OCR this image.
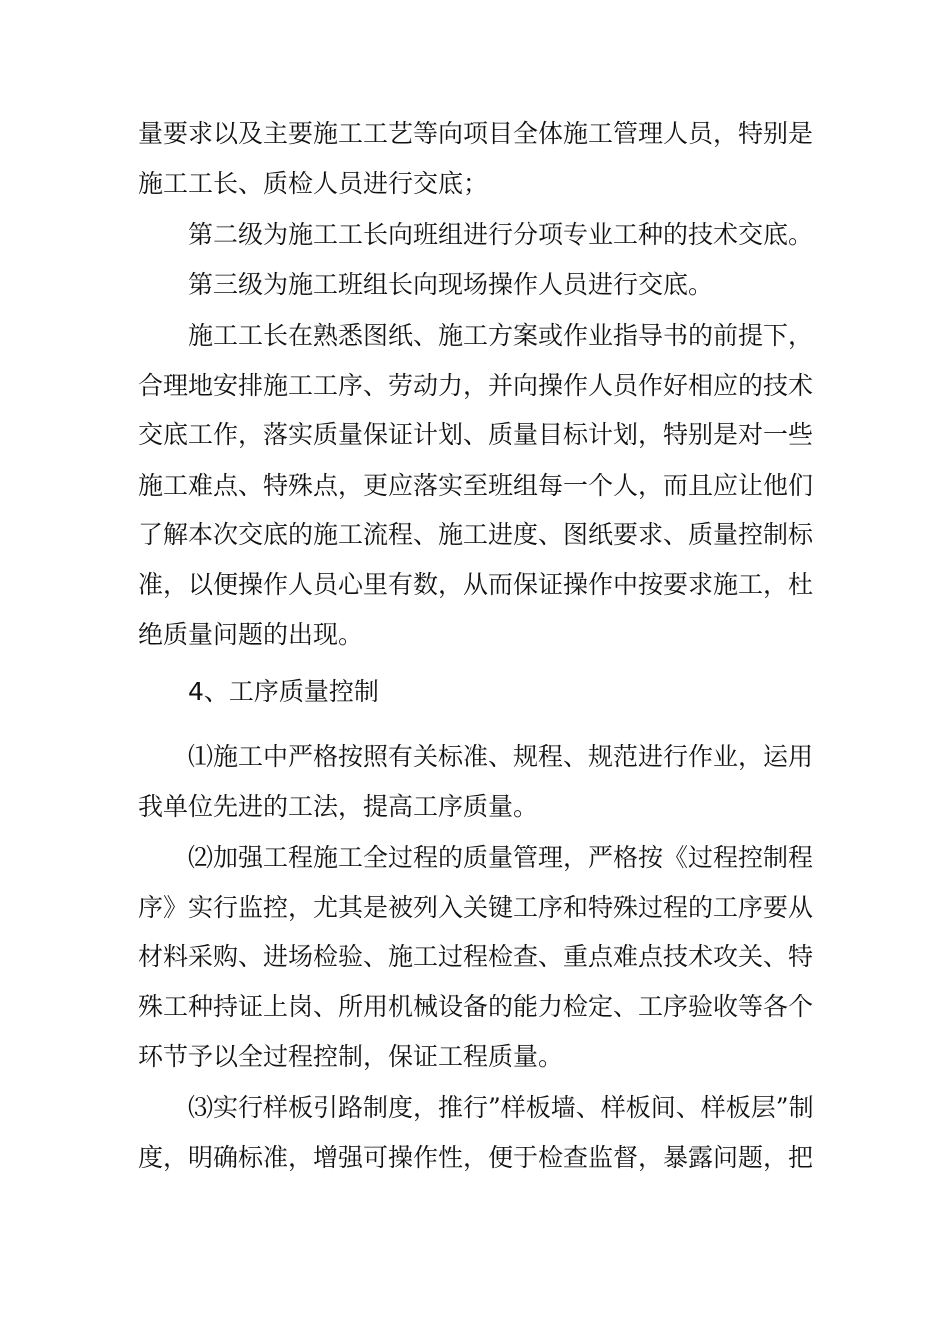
量要求以及主要施工工艺等向项目全体施工管理人员，特别是
施工工长、质检人员进行交底；
第二级为施工工长向班组进行分项专业工种的技术交底。
第三级为施工班组长向现场操作人员进行交底。
施工工长在熟悉图纸、施工方案或作业指导书的前提下，
合理地安排施工工序、劳动力，并向操作人员作好相应的技术
交底工作，落实质量保证计划、质量目标计划，特别是对一些
施工难点、特殊点，更应落实至班组每一个人，而且应让他们
了解本次交底的施工流程、施工进度、图纸要求、质量控制标
准，以便操作人员心里有数，从而保证操作中按要求施工，杜
绝质量问题的出现。
4、工序质量控制
⑴施工中严格按照有关标准、规程、规范进行作业，运用
我单位先进的工法，提高工序质量。
⑵加强工程施工全过程的质量管理，严格按《过程控制程
序》实行监控，尤其是被列入关键工序和特殊过程的工序要从
材料采购、进场检验、施工过程检查、重点难点技术攻关、特
殊工种持证上岗、所用机械设备的能力检定、工序验收等各个
环节予以全过程控制，保证工程质量。
⑶实行样板引路制度，推行”样板墙、样板间、样板层”制
度，明确标准，增强可操作性，便于检查监督，暴露问题，把
